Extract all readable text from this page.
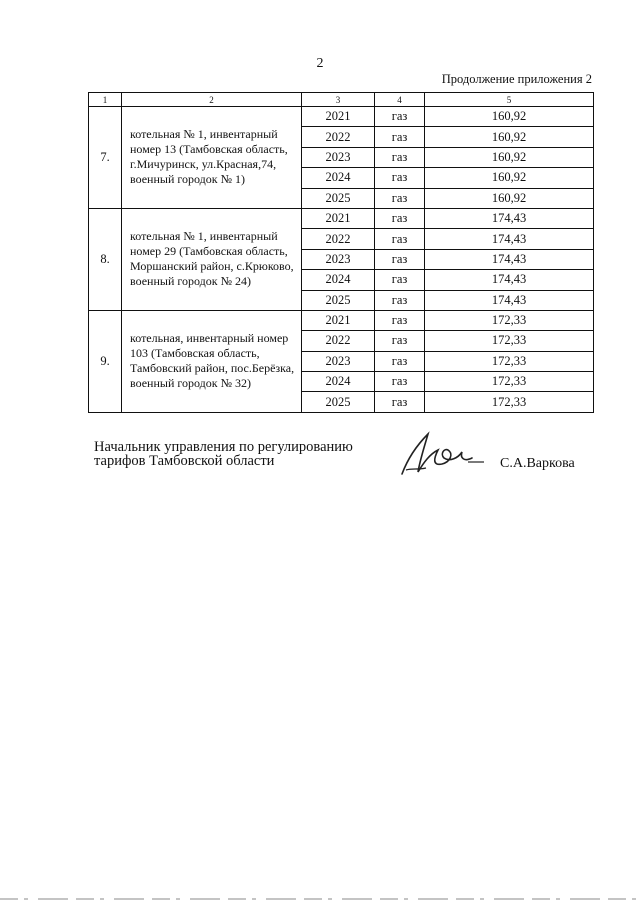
2
Продолжение приложения 2
1	2	3	4	5
7.	котельная № 1, инвентарный номер 13 (Тамбовская область, г.Мичуринск, ул.Красная,74, военный городок № 1)	2021	газ	160,92
		2022	газ	160,92
		2023	газ	160,92
		2024	газ	160,92
		2025	газ	160,92
8.	котельная № 1, инвентарный номер 29 (Тамбовская область, Моршанский район, с.Крюково, военный городок № 24)	2021	газ	174,43
		2022	газ	174,43
		2023	газ	174,43
		2024	газ	174,43
		2025	газ	174,43
9.	котельная, инвентарный номер 103 (Тамбовская область, Тамбовский район, пос.Берёзка, военный городок № 32)	2021	газ	172,33
		2022	газ	172,33
		2023	газ	172,33
		2024	газ	172,33
		2025	газ	172,33
Начальник управления по регулированию
тарифов Тамбовской области	С.А.Варкова
